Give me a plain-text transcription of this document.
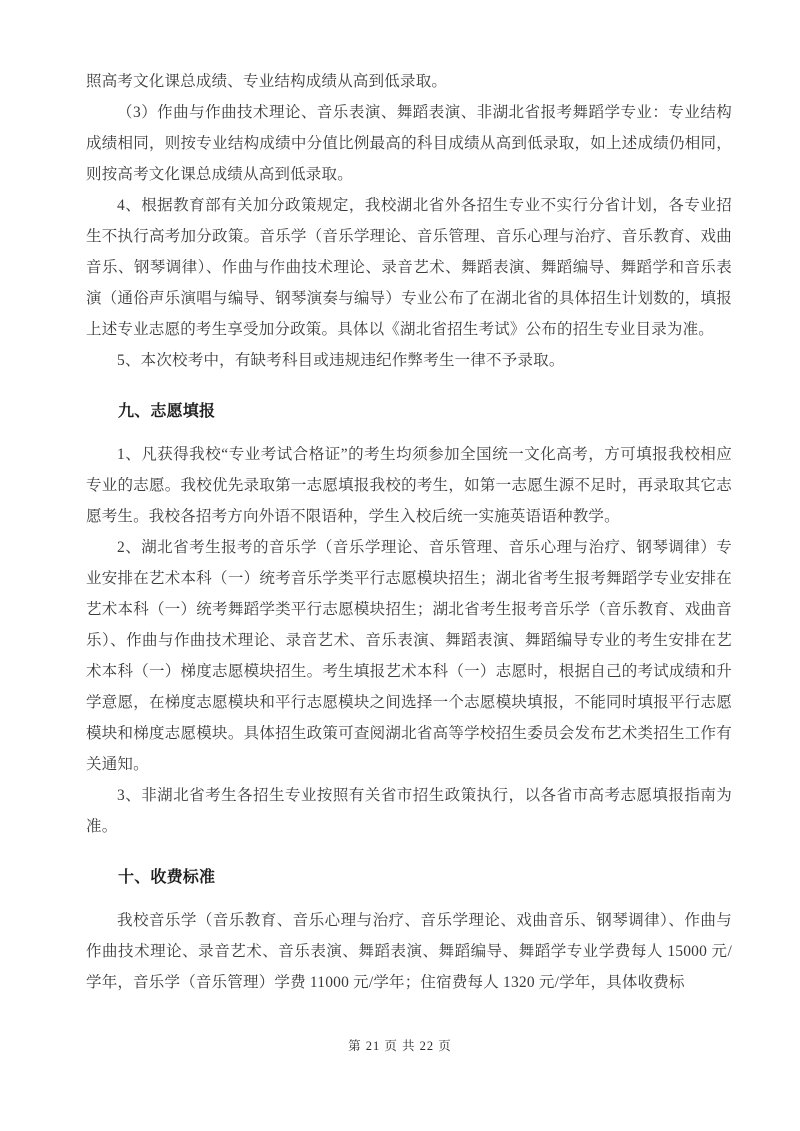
照高考文化课总成绩、专业结构成绩从高到低录取。

（3）作曲与作曲技术理论、音乐表演、舞蹈表演、非湖北省报考舞蹈学专业：专业结构成绩相同，则按专业结构成绩中分值比例最高的科目成绩从高到低录取，如上述成绩仍相同，则按高考文化课总成绩从高到低录取。

4、根据教育部有关加分政策规定，我校湖北省外各招生专业不实行分省计划，各专业招生不执行高考加分政策。音乐学（音乐学理论、音乐管理、音乐心理与治疗、音乐教育、戏曲音乐、钢琴调律）、作曲与作曲技术理论、录音艺术、舞蹈表演、舞蹈编导、舞蹈学和音乐表演（通俗声乐演唱与编导、钢琴演奏与编导）专业公布了在湖北省的具体招生计划数的，填报上述专业志愿的考生享受加分政策。具体以《湖北省招生考试》公布的招生专业目录为准。

5、本次校考中，有缺考科目或违规违纪作弊考生一律不予录取。

九、志愿填报

1、凡获得我校“专业考试合格证”的考生均须参加全国统一文化高考，方可填报我校相应专业的志愿。我校优先录取第一志愿填报我校的考生，如第一志愿生源不足时，再录取其它志愿考生。我校各招考方向外语不限语种，学生入校后统一实施英语语种教学。

2、湖北省考生报考的音乐学（音乐学理论、音乐管理、音乐心理与治疗、钢琴调律）专业安排在艺术本科（一）统考音乐学类平行志愿模块招生；湖北省考生报考舞蹈学专业安排在艺术本科（一）统考舞蹈学类平行志愿模块招生；湖北省考生报考音乐学（音乐教育、戏曲音乐）、作曲与作曲技术理论、录音艺术、音乐表演、舞蹈表演、舞蹈编导专业的考生安排在艺术本科（一）梯度志愿模块招生。考生填报艺术本科（一）志愿时，根据自己的考试成绩和升学意愿，在梯度志愿模块和平行志愿模块之间选择一个志愿模块填报，不能同时填报平行志愿模块和梯度志愿模块。具体招生政策可查阅湖北省高等学校招生委员会发布艺术类招生工作有关通知。

3、非湖北省考生各招生专业按照有关省市招生政策执行，以各省市高考志愿填报指南为准。

十、收费标准

我校音乐学（音乐教育、音乐心理与治疗、音乐学理论、戏曲音乐、钢琴调律）、作曲与作曲技术理论、录音艺术、音乐表演、舞蹈表演、舞蹈编导、舞蹈学专业学费每人 15000 元/学年，音乐学（音乐管理）学费 11000 元/学年；住宿费每人 1320 元/学年，具体收费标

第 21 页 共 22 页
